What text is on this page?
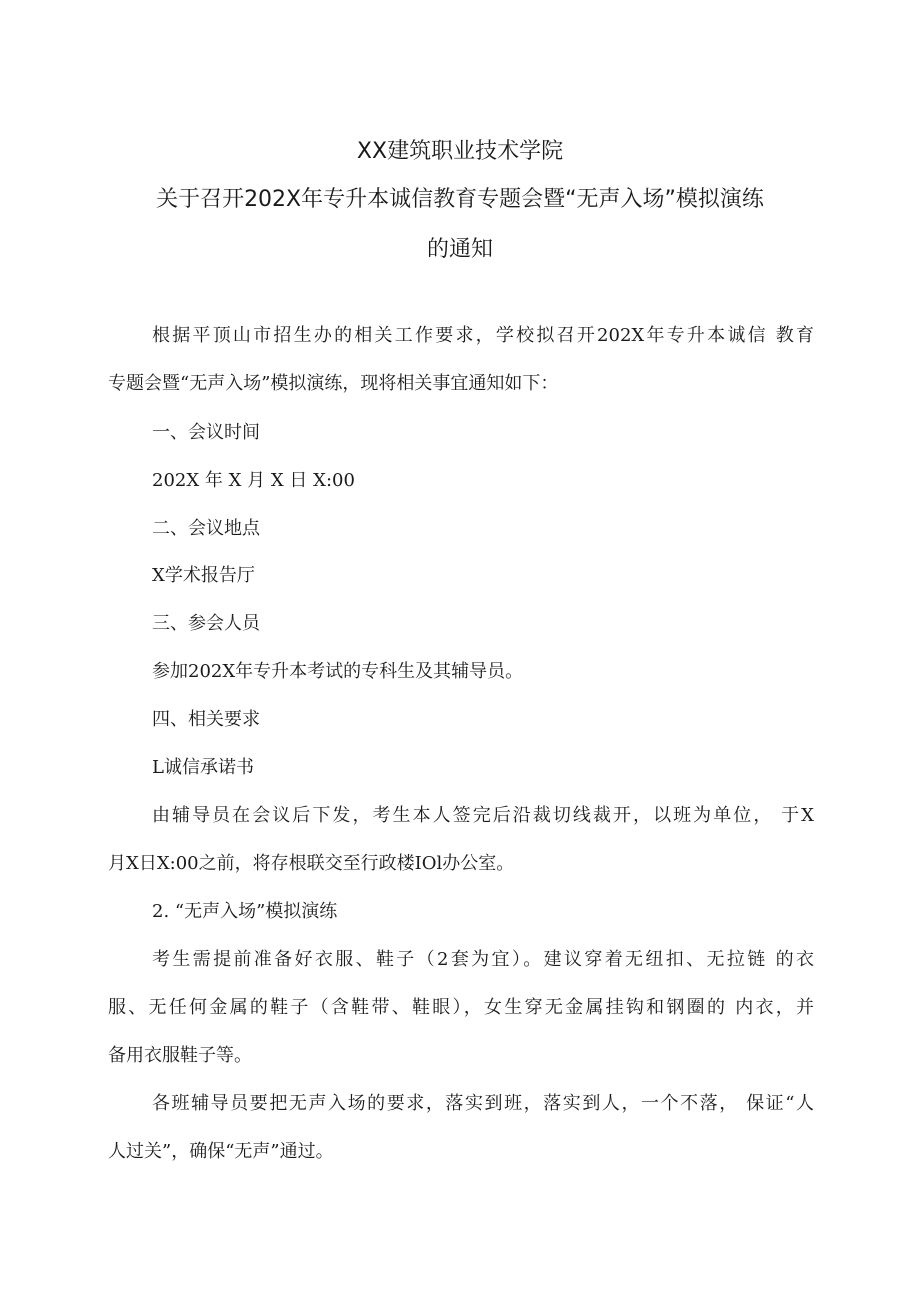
XX建筑职业技术学院
关于召开202X年专升本诚信教育专题会暨“无声入场”模拟演练
的通知
根据平顶山市招生办的相关工作要求，学校拟召开202X年专升本诚信 教育
专题会暨“无声入场”模拟演练，现将相关事宜通知如下：
一、会议时间
202X 年 X 月 X 日 X:00
二、会议地点
X学术报告厅
三、参会人员
参加202X年专升本考试的专科生及其辅导员。
四、相关要求
L诚信承诺书
由辅导员在会议后下发，考生本人签完后沿裁切线裁开，以班为单位， 于X
月X日X:00之前，将存根联交至行政楼IOl办公室。
2. “无声入场”模拟演练
考生需提前准备好衣服、鞋子（2套为宜）。建议穿着无纽扣、无拉链 的衣
服、无任何金属的鞋子（含鞋带、鞋眼），女生穿无金属挂钩和钢圈的 内衣，并
备用衣服鞋子等。
各班辅导员要把无声入场的要求，落实到班，落实到人，一个不落， 保证“人
人过关”，确保“无声”通过。
